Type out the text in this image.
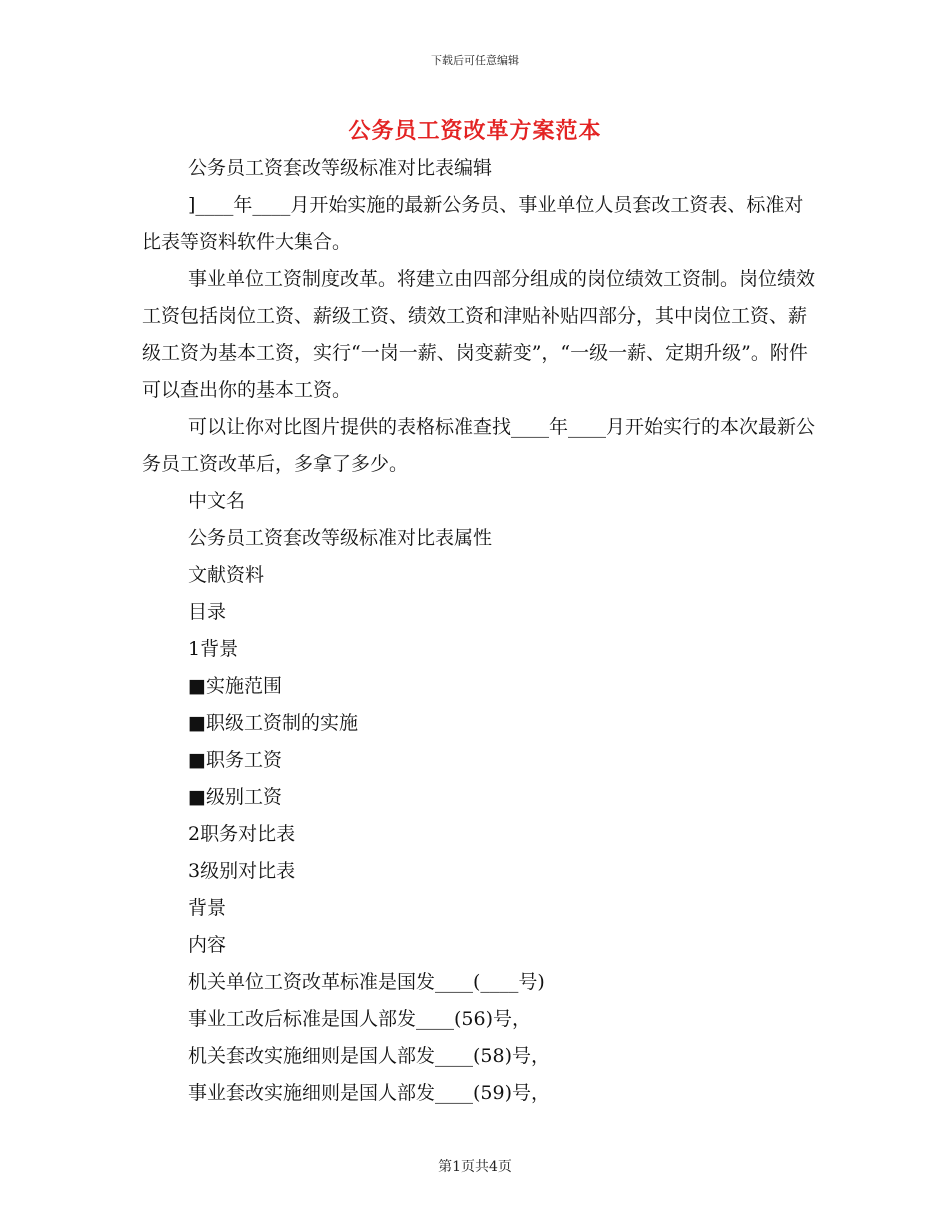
下载后可任意编辑
公务员工资改革方案范本

公务员工资套改等级标准对比表编辑

]____年____月开始实施的最新公务员、事业单位人员套改工资表、标准对比表等资料软件大集合。

事业单位工资制度改革。将建立由四部分组成的岗位绩效工资制。岗位绩效工资包括岗位工资、薪级工资、绩效工资和津贴补贴四部分，其中岗位工资、薪级工资为基本工资，实行“一岗一薪、岗变薪变”，“一级一薪、定期升级”。附件可以查出你的基本工资。

可以让你对比图片提供的表格标准查找____年____月开始实行的本次最新公务员工资改革后，多拿了多少。

中文名

公务员工资套改等级标准对比表属性

文献资料

目录

1背景

■实施范围

■职级工资制的实施

■职务工资

■级别工资

2职务对比表

3级别对比表

背景

内容

机关单位工资改革标准是国发____(____号)

事业工改后标准是国人部发____(56)号，

机关套改实施细则是国人部发____(58)号，

事业套改实施细则是国人部发____(59)号，

第1页共4页
